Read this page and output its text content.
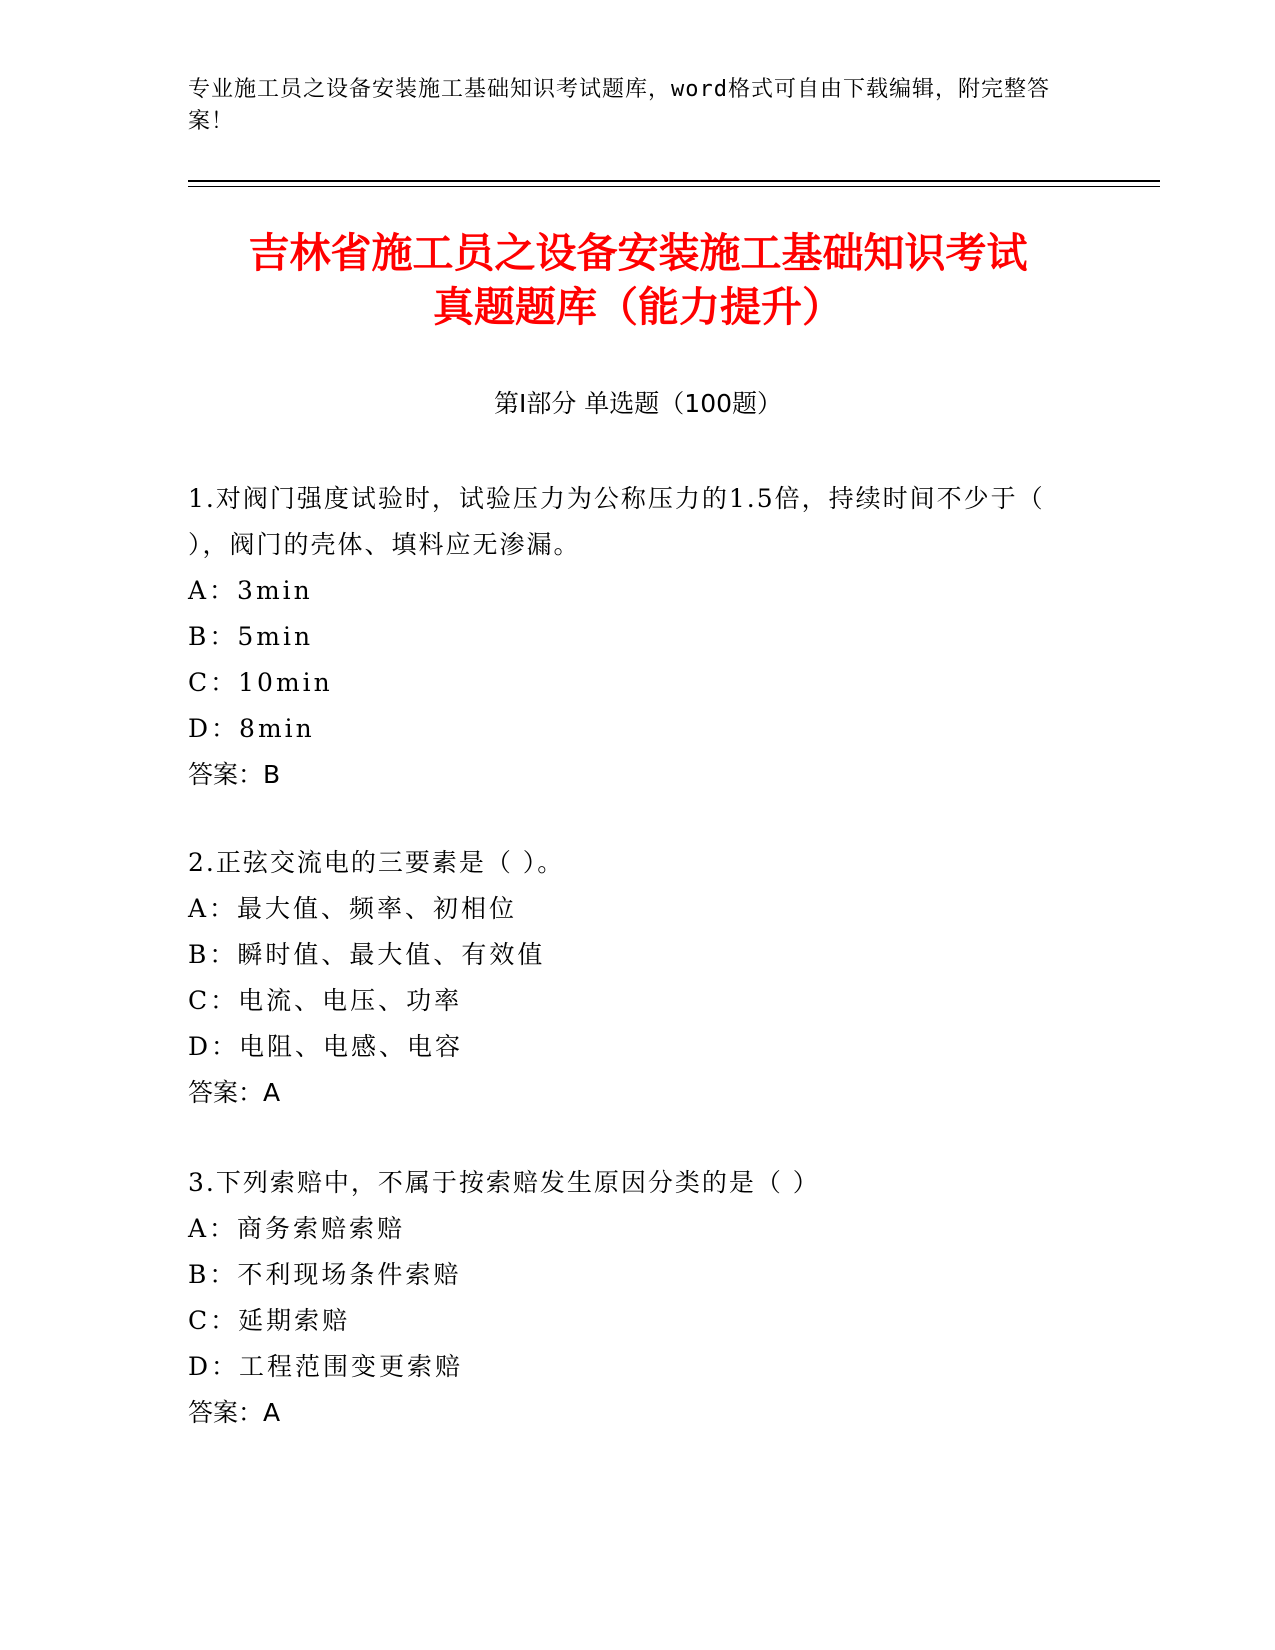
专业施工员之设备安装施工基础知识考试题库，word格式可自由下载编辑，附完整答案！
吉林省施工员之设备安装施工基础知识考试
真题题库（能力提升）
第Ⅰ部分 单选题（100题）
1.对阀门强度试验时，试验压力为公称压力的1.5倍，持续时间不少于（ ），阀门的壳体、填料应无渗漏。
A：3min
B：5min
C：10min
D：8min
答案：B
2.正弦交流电的三要素是（ ）。
A：最大值、频率、初相位
B：瞬时值、最大值、有效值
C：电流、电压、功率
D：电阻、电感、电容
答案：A
3.下列索赔中，不属于按索赔发生原因分类的是（ ）
A：商务索赔索赔
B：不利现场条件索赔
C：延期索赔
D：工程范围变更索赔
答案：A
